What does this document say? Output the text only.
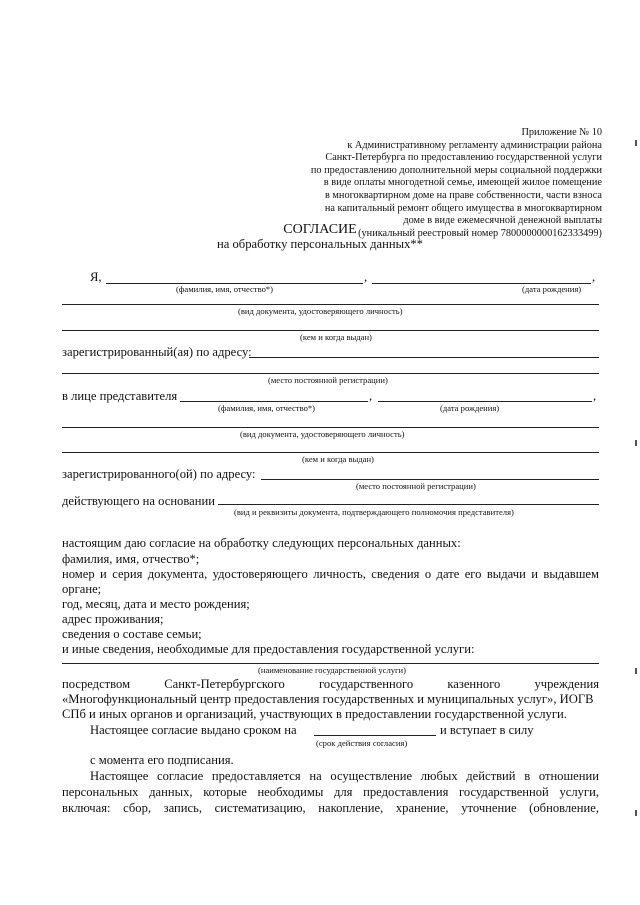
Приложение № 10
к Административному регламенту администрации района
Санкт-Петербурга по предоставлению государственной услуги
по предоставлению дополнительной меры социальной поддержки
в виде оплаты многодетной семье, имеющей жилое помещение
в многоквартирном доме на праве собственности, части взноса
на капитальный ремонт общего имущества в многоквартирном
доме в виде ежемесячной денежной выплаты
(уникальный реестровый номер 7800000000162333499)
СОГЛАСИЕ
на обработку персональных данных**
Я,	,	,
(фамилия, имя, отчество*)	(дата рождения)
(вид документа, удостоверяющего личность)
(кем и когда выдан)
зарегистрированный(ая) по адресу:
(место постоянной регистрации)
в лице представителя	,	,
(фамилия, имя, отчество*)	(дата рождения)
(вид документа, удостоверяющего личность)
(кем и когда выдан)
зарегистрированного(ой) по адресу:
(место постоянной регистрации)
действующего на основании
(вид и реквизиты документа, подтверждающего полномочия представителя)
настоящим даю согласие на обработку следующих персональных данных:
фамилия, имя, отчество*;
номер и серия документа, удостоверяющего личность, сведения о дате его выдачи и выдавшем
органе;
год, месяц, дата и место рождения;
адрес проживания;
сведения о составе семьи;
и иные сведения, необходимые для предоставления государственной услуги:
(наименование государственной услуги)
посредством Санкт-Петербургского государственного казенного учреждения
«Многофункциональный центр предоставления государственных и муниципальных услуг», ИОГВ
СПб и иных органов и организаций, участвующих в предоставлении государственной услуги.
Настоящее согласие выдано сроком на	и вступает в силу
(срок действия согласия)
с момента его подписания.
Настоящее согласие предоставляется на осуществление любых действий в отношении
персональных данных, которые необходимы для предоставления государственной услуги,
включая: сбор, запись, систематизацию, накопление, хранение, уточнение (обновление,
